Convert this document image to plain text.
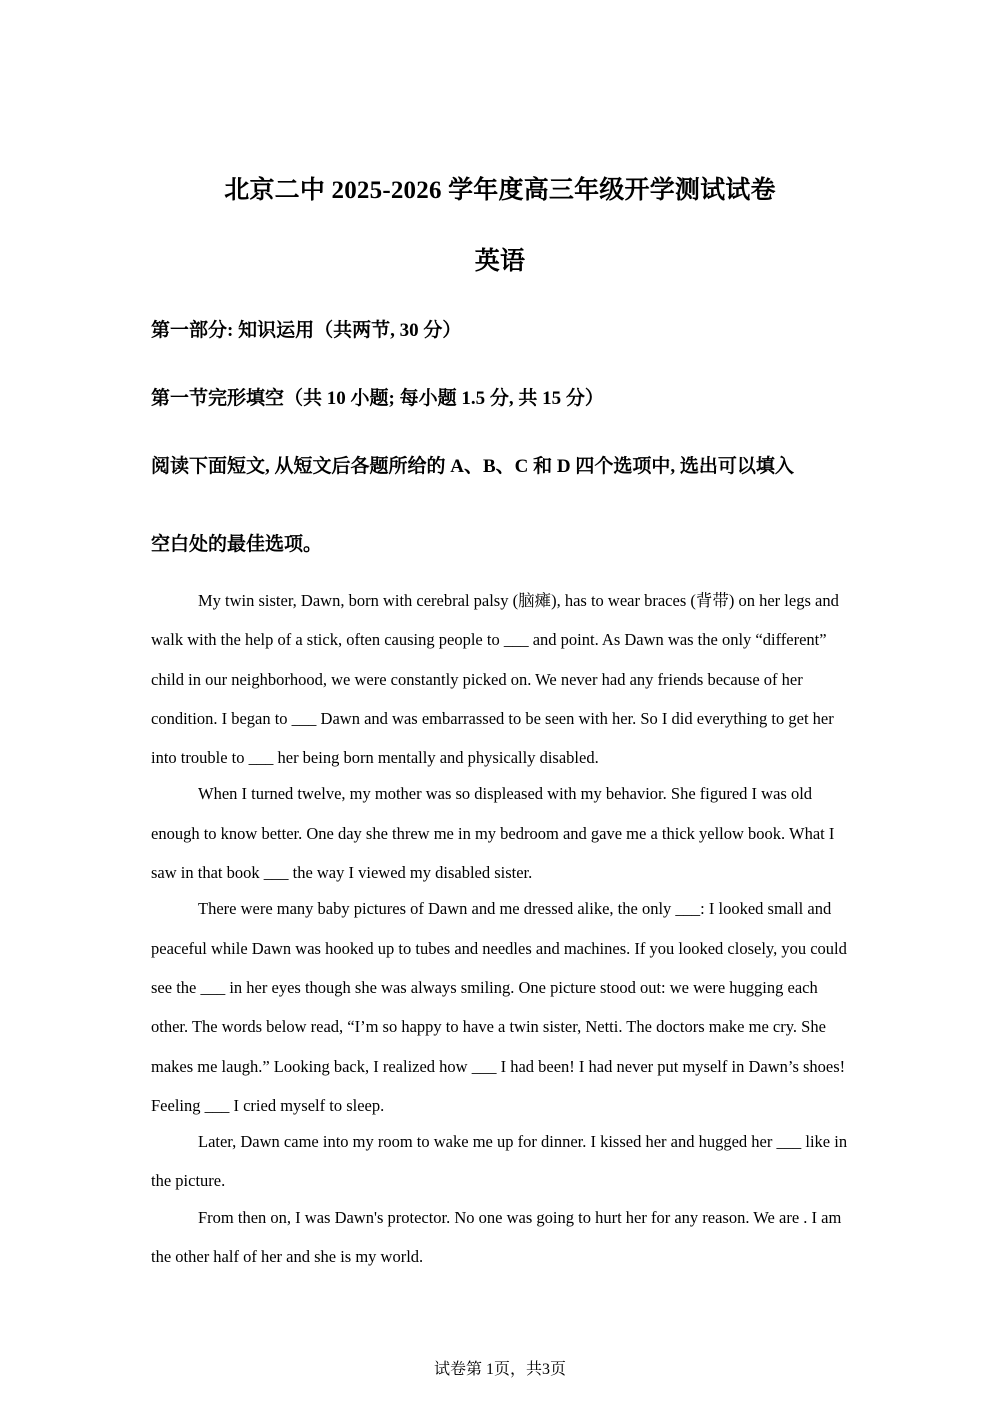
北京二中 2025-2026 学年度高三年级开学测试试卷
英语
第一部分: 知识运用（共两节, 30 分）
第一节完形填空（共 10 小题; 每小题 1.5 分, 共 15 分）
阅读下面短文, 从短文后各题所给的 A、B、C 和 D 四个选项中, 选出可以填入
空白处的最佳选项。

My twin sister, Dawn, born with cerebral palsy (脑瘫), has to wear braces (背带) on her legs and walk with the help of a stick, often causing people to ___ and point. As Dawn was the only “different” child in our neighborhood, we were constantly picked on. We never had any friends because of her condition. I began to ___ Dawn and was embarrassed to be seen with her. So I did everything to get her into trouble to ___ her being born mentally and physically disabled.

When I turned twelve, my mother was so displeased with my behavior. She figured I was old enough to know better. One day she threw me in my bedroom and gave me a thick yellow book. What I saw in that book ___ the way I viewed my disabled sister.

There were many baby pictures of Dawn and me dressed alike, the only ___: I looked small and peaceful while Dawn was hooked up to tubes and needles and machines. If you looked closely, you could see the ___ in her eyes though she was always smiling. One picture stood out: we were hugging each other. The words below read, “I’m so happy to have a twin sister, Netti. The doctors make me cry. She makes me laugh.” Looking back, I realized how ___ I had been! I had never put myself in Dawn’s shoes! Feeling ___ I cried myself to sleep.

Later, Dawn came into my room to wake me up for dinner. I kissed her and hugged her ___ like in the picture.

From then on, I was Dawn's protector. No one was going to hurt her for any reason. We are . I am the other half of her and she is my world.

试卷第 1页，共3页
